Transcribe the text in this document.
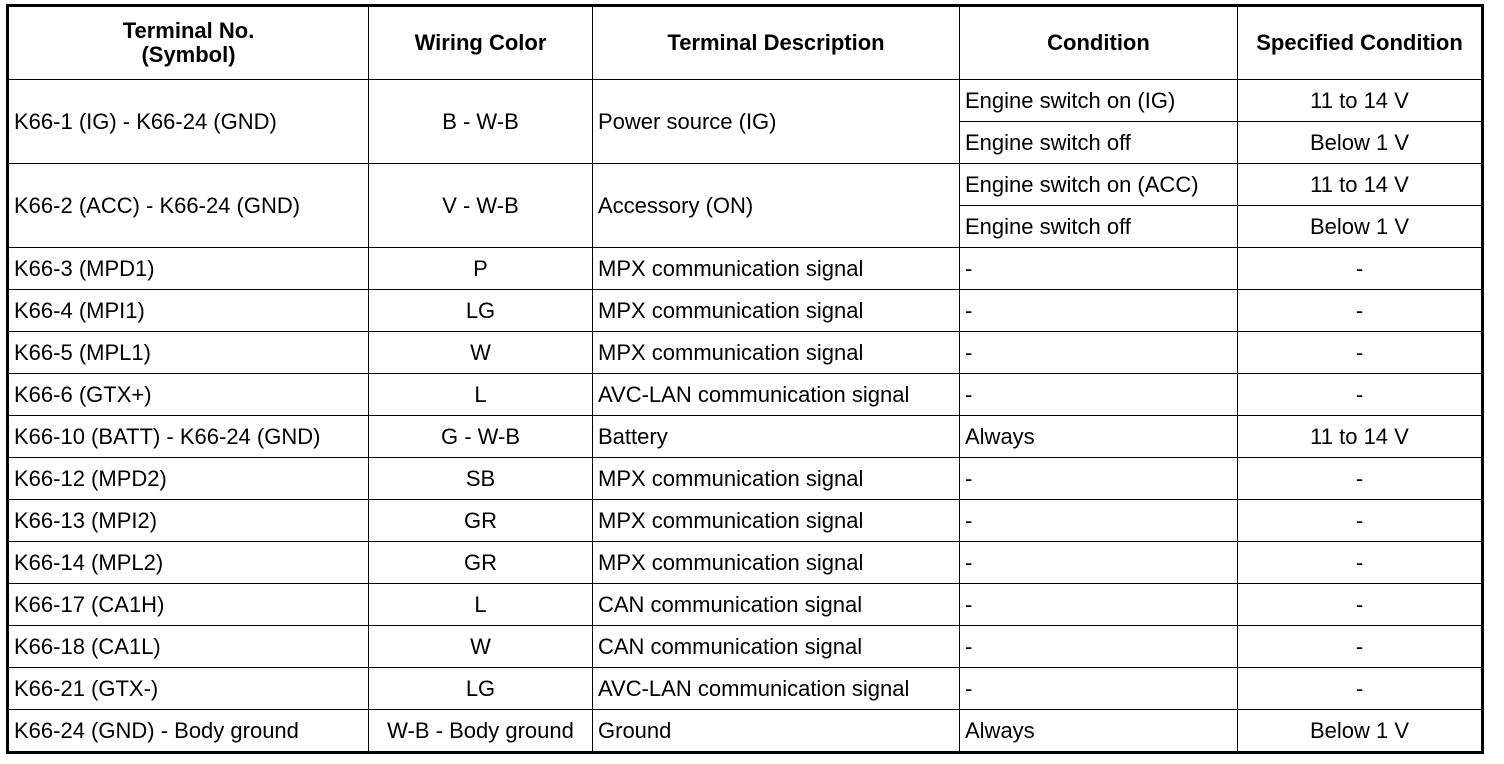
Terminal No.
(Symbol)	Wiring Color	Terminal Description	Condition	Specified Condition
K66-1 (IG) - K66-24 (GND)	B - W-B	Power source (IG)	Engine switch on (IG)	11 to 14 V
			Engine switch off	Below 1 V
K66-2 (ACC) - K66-24 (GND)	V - W-B	Accessory (ON)	Engine switch on (ACC)	11 to 14 V
			Engine switch off	Below 1 V
K66-3 (MPD1)	P	MPX communication signal	-	-
K66-4 (MPI1)	LG	MPX communication signal	-	-
K66-5 (MPL1)	W	MPX communication signal	-	-
K66-6 (GTX+)	L	AVC-LAN communication signal	-	-
K66-10 (BATT) - K66-24 (GND)	G - W-B	Battery	Always	11 to 14 V
K66-12 (MPD2)	SB	MPX communication signal	-	-
K66-13 (MPI2)	GR	MPX communication signal	-	-
K66-14 (MPL2)	GR	MPX communication signal	-	-
K66-17 (CA1H)	L	CAN communication signal	-	-
K66-18 (CA1L)	W	CAN communication signal	-	-
K66-21 (GTX-)	LG	AVC-LAN communication signal	-	-
K66-24 (GND) - Body ground	W-B - Body ground	Ground	Always	Below 1 V
